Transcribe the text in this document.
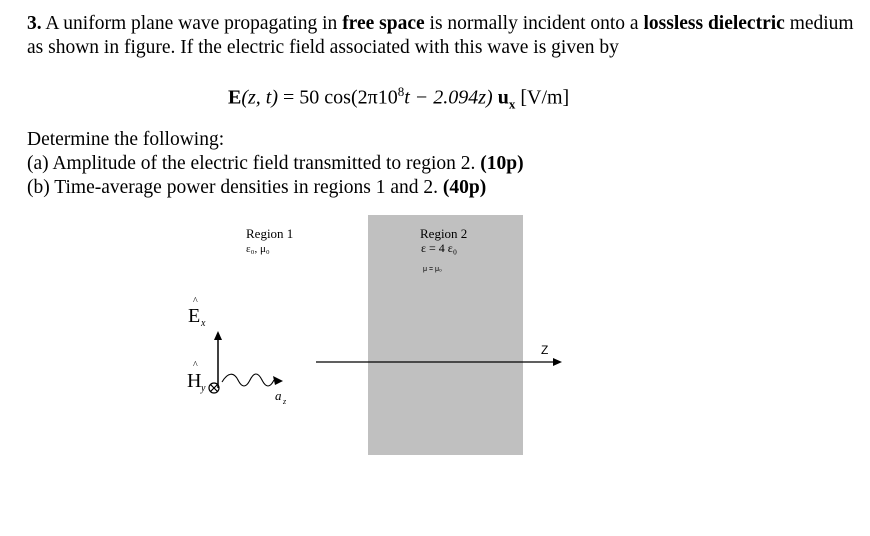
3. A uniform plane wave propagating in free space is normally incident onto a lossless dielectric medium as shown in figure. If the electric field associated with this wave is given by
E(z, t) = 50 $\cos(2\pi 10^8t - 2.094z)$ $u_x$ [V/m]
Determine the following:
(a) Amplitude of the electric field transmitted to region 2. (10p)
(b) Time-average power densities in regions 1 and 2. (40p)
Region 1
ε₀, μ₀
Region 2
ε = 4 ε₀
μ = μ₀
Z
^
E x
^
H y	a z
